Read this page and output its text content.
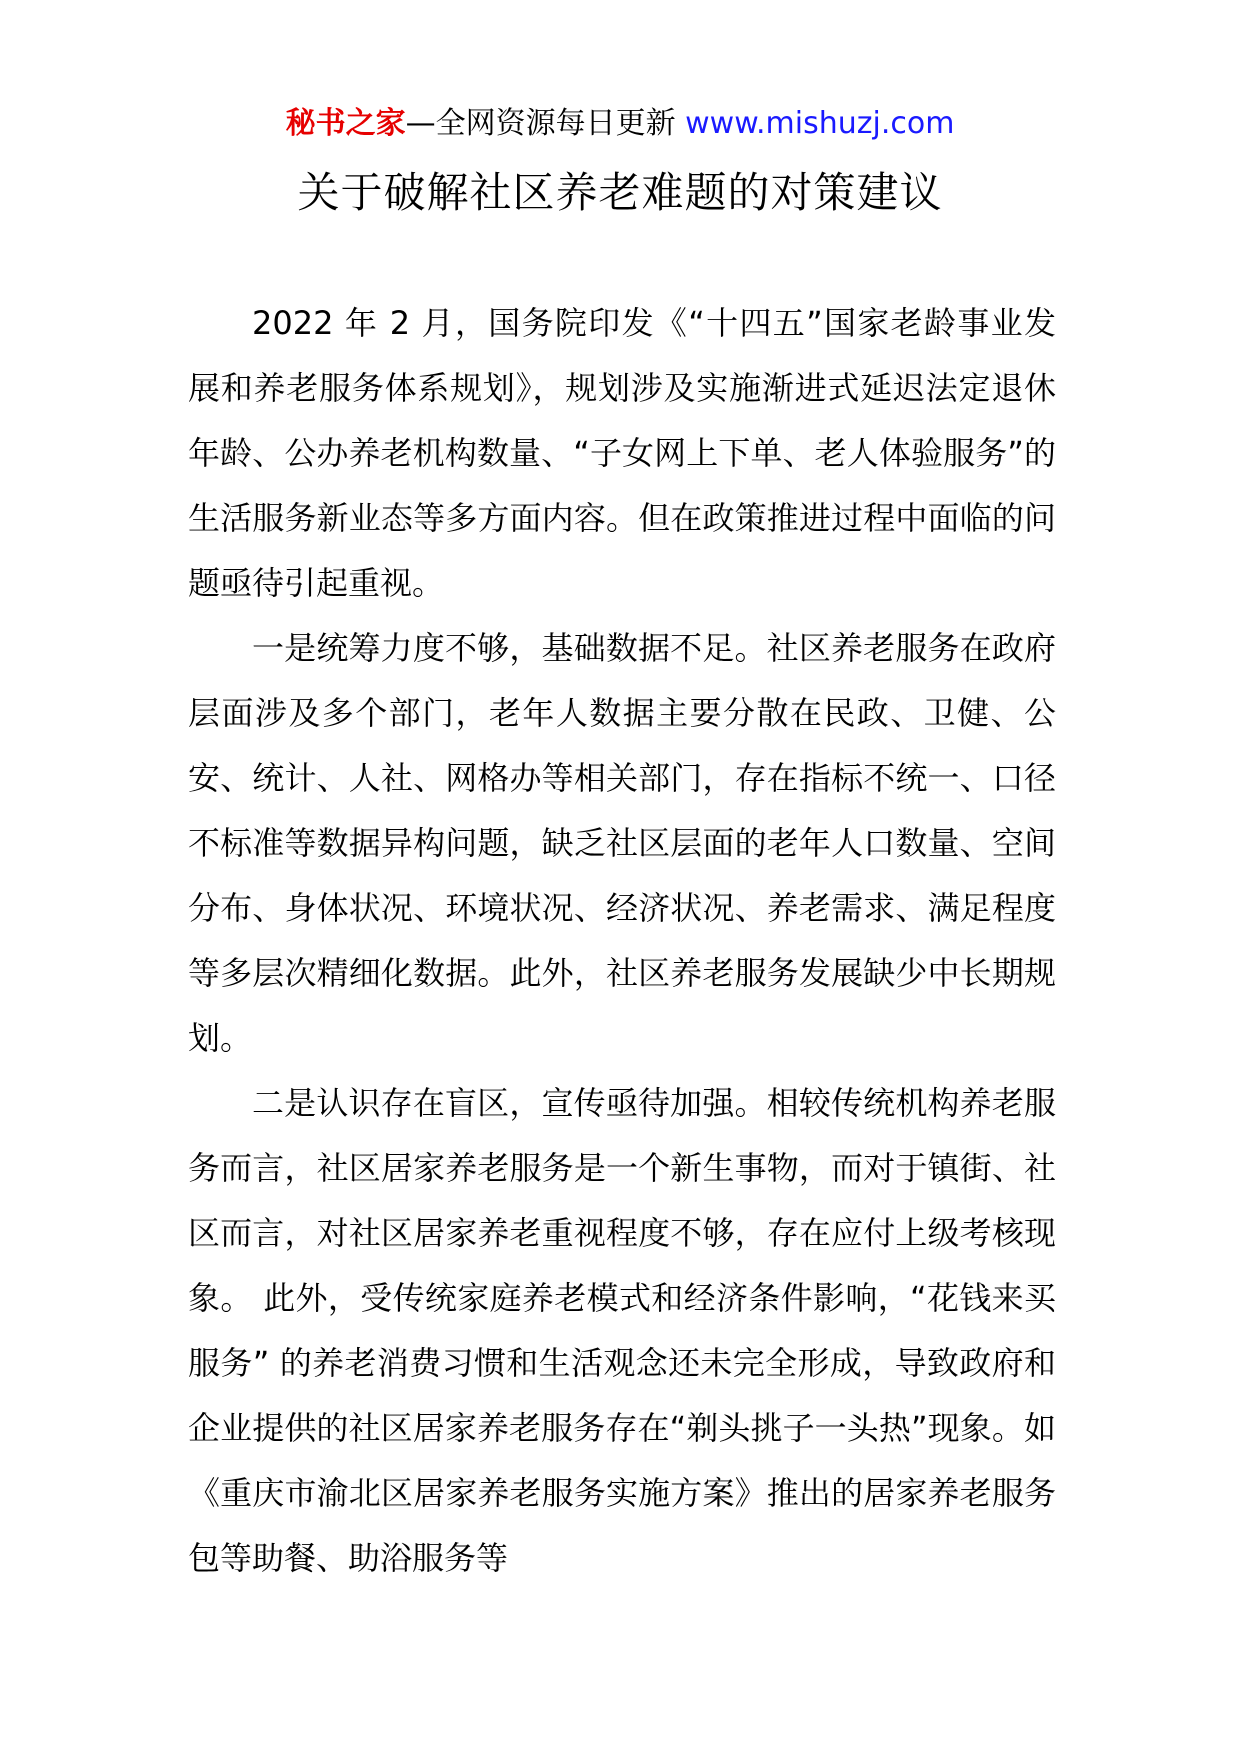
秘书之家—全网资源每日更新 www.mishuzj.com
关于破解社区养老难题的对策建议

2022 年 2 月，国务院印发《“十四五”国家老龄事业发展和养老服务体系规划》，规划涉及实施渐进式延迟法定退休年龄、公办养老机构数量、“子女网上下单、老人体验服务”的生活服务新业态等多方面内容。但在政策推进过程中面临的问题亟待引起重视。

一是统筹力度不够，基础数据不足。社区养老服务在政府层面涉及多个部门，老年人数据主要分散在民政、卫健、公安、统计、人社、网格办等相关部门，存在指标不统一、口径不标准等数据异构问题，缺乏社区层面的老年人口数量、空间分布、身体状况、环境状况、经济状况、养老需求、满足程度等多层次精细化数据。此外，社区养老服务发展缺少中长期规划。

二是认识存在盲区，宣传亟待加强。相较传统机构养老服务而言，社区居家养老服务是一个新生事物，而对于镇街、社区而言，对社区居家养老重视程度不够，存在应付上级考核现象。 此外，受传统家庭养老模式和经济条件影响，“花钱来买服务” 的养老消费习惯和生活观念还未完全形成，导致政府和企业提供的社区居家养老服务存在“剃头挑子一头热”现象。如《重庆市渝北区居家养老服务实施方案》推出的居家养老服务包等助餐、助浴服务等
